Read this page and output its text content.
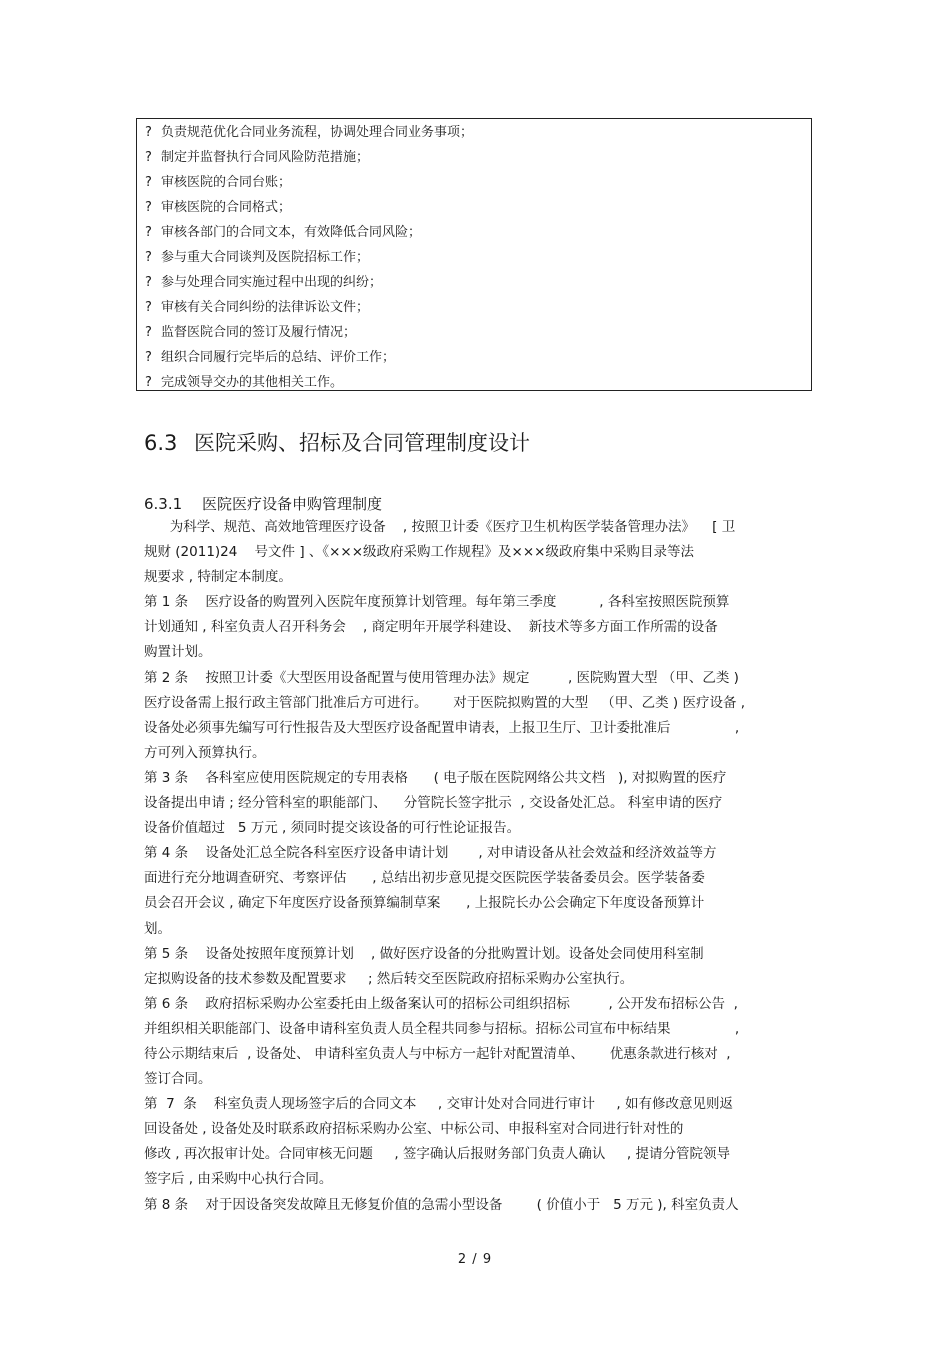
? 负责规范优化合同业务流程，协调处理合同业务事项；
? 制定并监督执行合同风险防范措施；
? 审核医院的合同台账；
? 审核医院的合同格式；
? 审核各部门的合同文本，有效降低合同风险；
? 参与重大合同谈判及医院招标工作；
? 参与处理合同实施过程中出现的纠纷；
? 审核有关合同纠纷的法律诉讼文件；
? 监督医院合同的签订及履行情况；
? 组织合同履行完毕后的总结、评价工作；
? 完成领导交办的其他相关工作。
6.3 医院采购、招标及合同管理制度设计
6.3.1 医院医疗设备申购管理制度
为科学、规范、高效地管理医疗设备    , 按照卫计委《医疗卫生机构医学装备管理办法》    [ 卫
规财 (2011)24    号文件 ] 、《×××级政府采购工作规程》及×××级政府集中采购目录等法
规要求 , 特制定本制度。
第 1 条    医疗设备的购置列入医院年度预算计划管理。每年第三季度          , 各科室按照医院预算
计划通知 , 科室负责人召开科务会    , 商定明年开展学科建设、  新技术等多方面工作所需的设备
购置计划。
第 2 条    按照卫计委《大型医用设备配置与使用管理办法》规定         , 医院购置大型 （甲、乙类 )
医疗设备需上报行政主管部门批准后方可进行。      对于医院拟购置的大型   （甲、乙类 ) 医疗设备 ,
设备处必须事先编写可行性报告及大型医疗设备配置申请表，上报卫生厅、卫计委批准后               ,
方可列入预算执行。
第 3 条    各科室应使用医院规定的专用表格      ( 电子版在医院网络公共文档   ), 对拟购置的医疗
设备提出申请 ; 经分管科室的职能部门、    分管院长签字批示  , 交设备处汇总。 科室申请的医疗
设备价值超过   5 万元 , 须同时提交该设备的可行性论证报告。
第 4 条    设备处汇总全院各科室医疗设备申请计划       , 对申请设备从社会效益和经济效益等方
面进行充分地调查研究、考察评估      , 总结出初步意见提交医院医学装备委员会。医学装备委
员会召开会议 , 确定下年度医疗设备预算编制草案      , 上报院长办公会确定下年度设备预算计
划。
第 5 条    设备处按照年度预算计划    , 做好医疗设备的分批购置计划。设备处会同使用科室制
定拟购设备的技术参数及配置要求     ; 然后转交至医院政府招标采购办公室执行。
第 6 条    政府招标采购办公室委托由上级备案认可的招标公司组织招标         , 公开发布招标公告  ,
并组织相关职能部门、设备申请科室负责人员全程共同参与招标。招标公司宣布中标结果               ,
待公示期结束后  , 设备处、 申请科室负责人与中标方一起针对配置清单、      优惠条款进行核对  ,
签订合同。
第  7  条    科室负责人现场签字后的合同文本     , 交审计处对合同进行审计     , 如有修改意见则返
回设备处 , 设备处及时联系政府招标采购办公室、中标公司、申报科室对合同进行针对性的
修改 , 再次报审计处。合同审核无问题     , 签字确认后报财务部门负责人确认     , 提请分管院领导
签字后 , 由采购中心执行合同。
第 8 条    对于因设备突发故障且无修复价值的急需小型设备        ( 价值小于   5 万元 ), 科室负责人
2 / 9
